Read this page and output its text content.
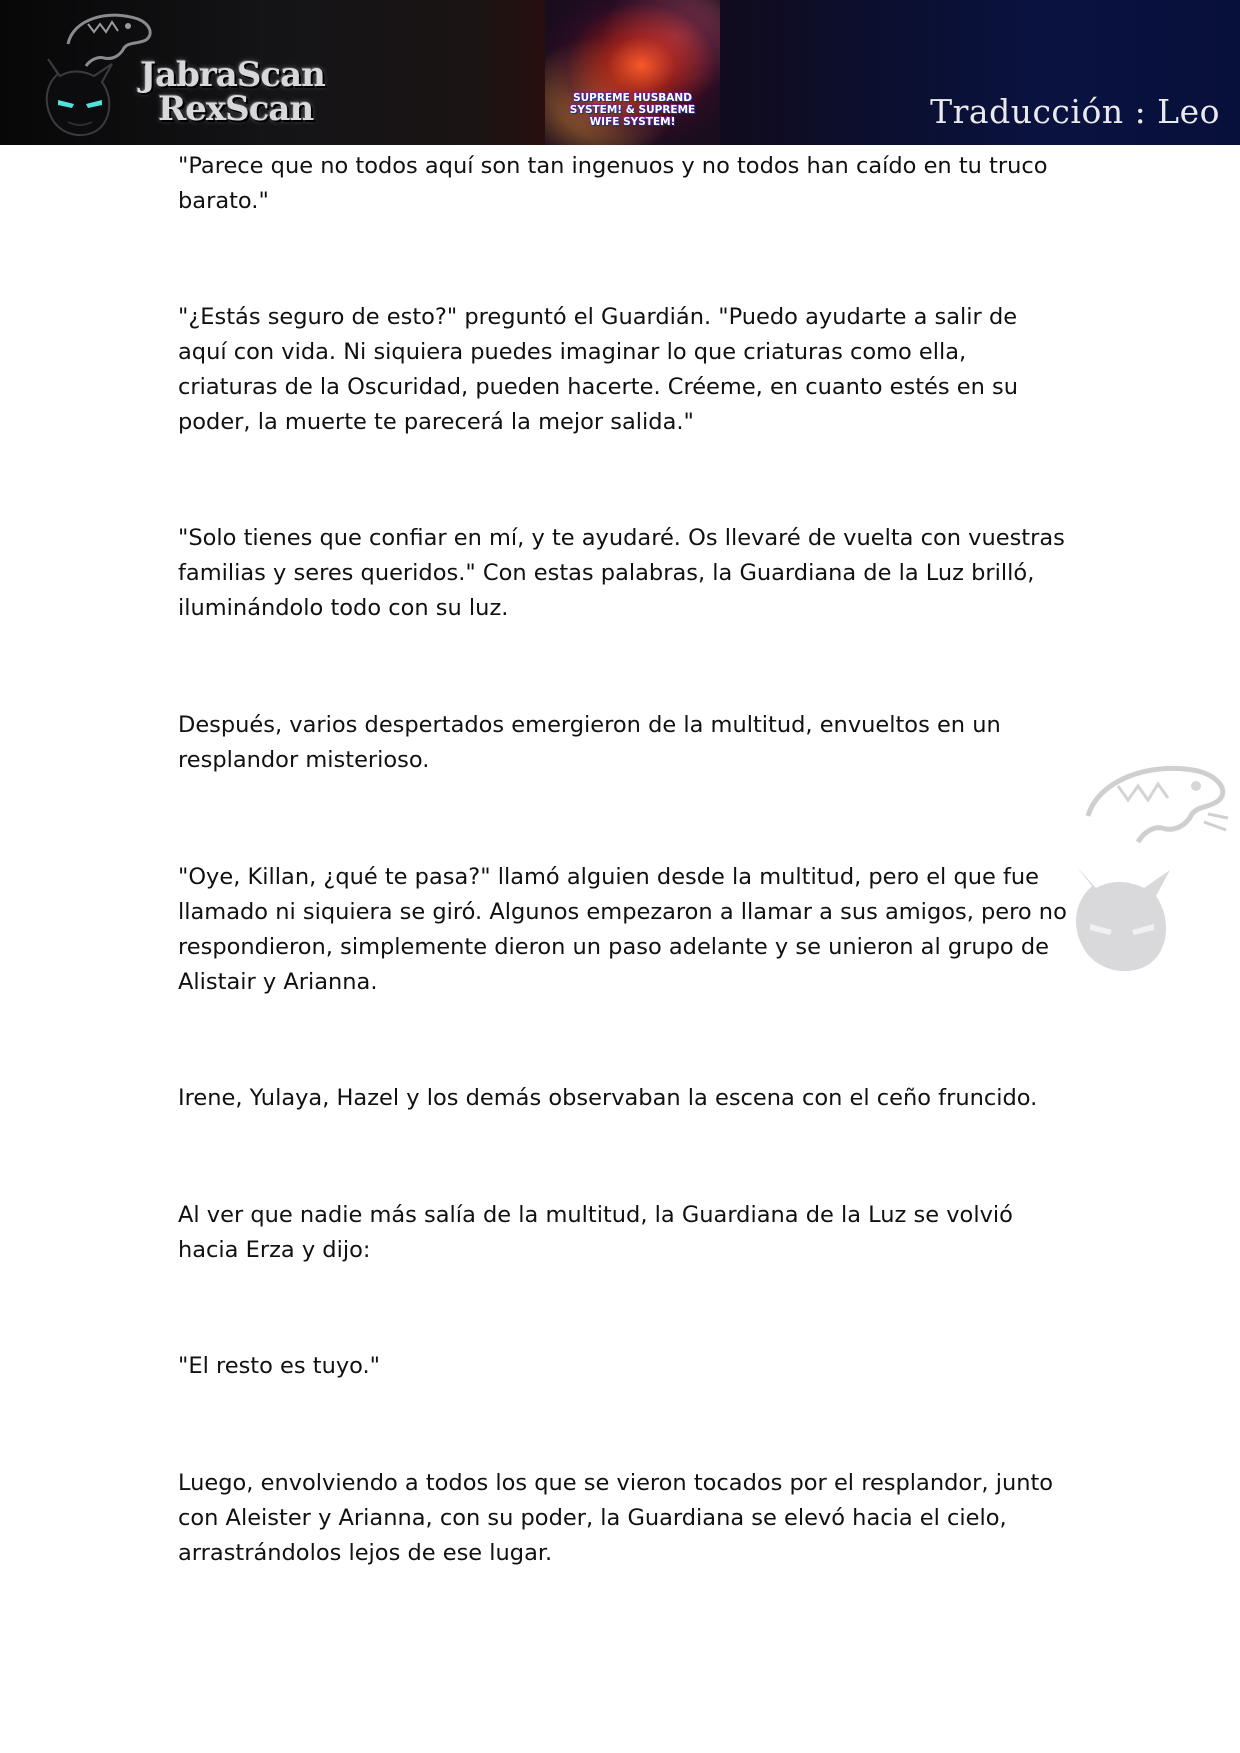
JabraScan
RexScan	SUPREME HUSBAND
SYSTEM! & SUPREME
WIFE SYSTEM!	Traducción : Leo

"Parece que no todos aquí son tan ingenuos y no todos han caído en tu truco barato."

"¿Estás seguro de esto?" preguntó el Guardián. "Puedo ayudarte a salir de aquí con vida. Ni siquiera puedes imaginar lo que criaturas como ella, criaturas de la Oscuridad, pueden hacerte. Créeme, en cuanto estés en su poder, la muerte te parecerá la mejor salida."

"Solo tienes que confiar en mí, y te ayudaré. Os llevaré de vuelta con vuestras familias y seres queridos." Con estas palabras, la Guardiana de la Luz brilló, iluminándolo todo con su luz.

Después, varios despertados emergieron de la multitud, envueltos en un resplandor misterioso.

"Oye, Killan, ¿qué te pasa?" llamó alguien desde la multitud, pero el que fue llamado ni siquiera se giró. Algunos empezaron a llamar a sus amigos, pero no respondieron, simplemente dieron un paso adelante y se unieron al grupo de Alistair y Arianna.

Irene, Yulaya, Hazel y los demás observaban la escena con el ceño fruncido.

Al ver que nadie más salía de la multitud, la Guardiana de la Luz se volvió hacia Erza y dijo:

"El resto es tuyo."

Luego, envolviendo a todos los que se vieron tocados por el resplandor, junto con Aleister y Arianna, con su poder, la Guardiana se elevó hacia el cielo, arrastrándolos lejos de ese lugar.
